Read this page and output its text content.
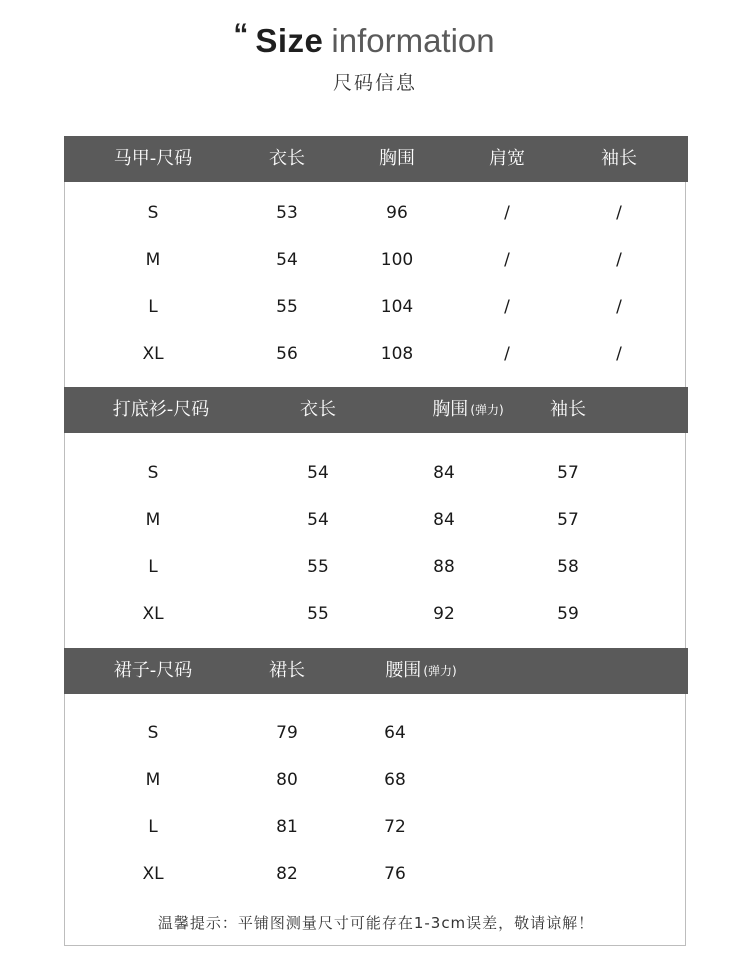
“ Size information
尺码信息
马甲-尺码	衣长	胸围	肩宽	袖长
S	53	96	/	/
M	54	100	/	/
L	55	104	/	/
XL	56	108	/	/
打底衫-尺码	衣长	胸围 (弹力)	袖长
S	54	84	57
M	54	84	57
L	55	88	58
XL	55	92	59
裙子-尺码	裙长	腰围 (弹力)
S	79	64
M	80	68
L	81	72
XL	82	76
温馨提示：平铺图测量尺寸可能存在1-3cm误差，敬请谅解！
